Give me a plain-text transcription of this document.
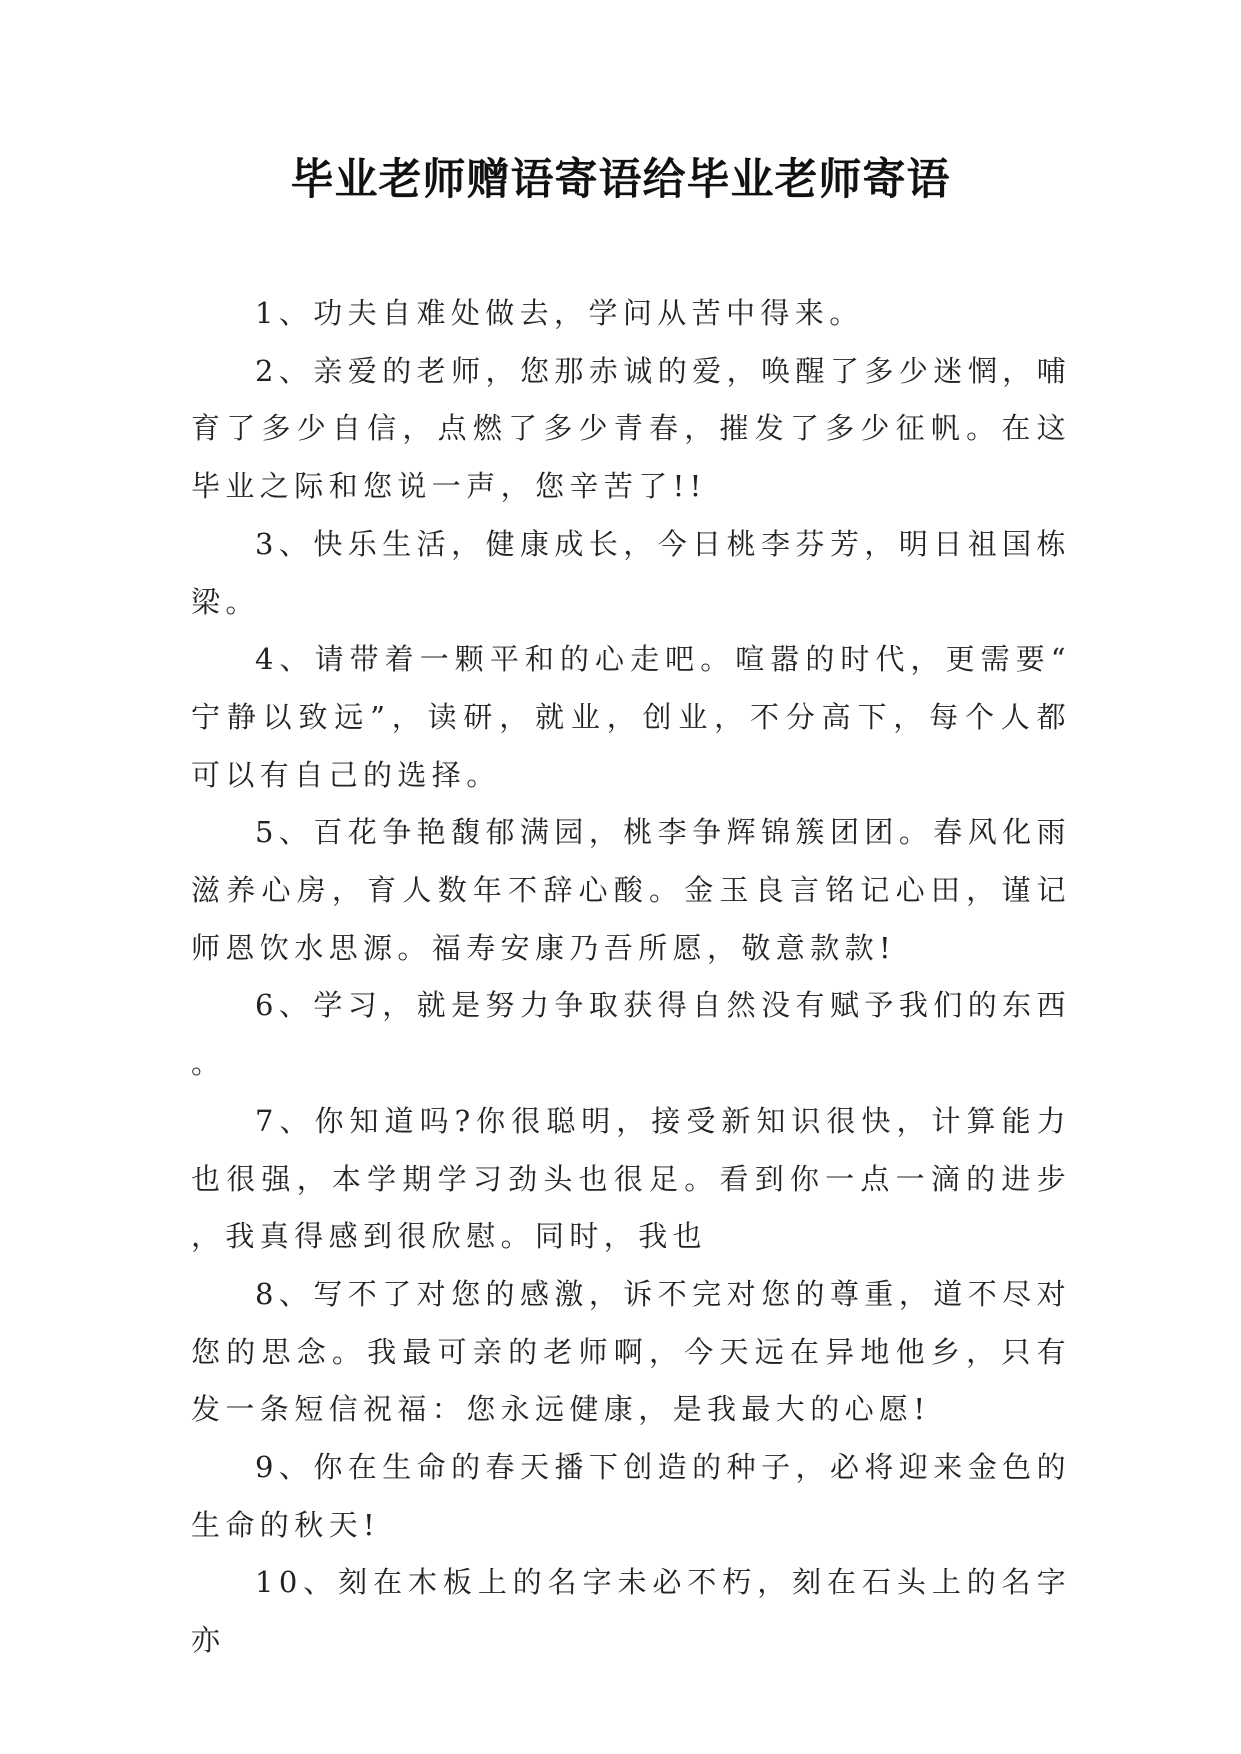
毕业老师赠语寄语给毕业老师寄语

1、功夫自难处做去，学问从苦中得来。

2、亲爱的老师，您那赤诚的爱，唤醒了多少迷惘，哺育了多少自信，点燃了多少青春，摧发了多少征帆。在这毕业之际和您说一声，您辛苦了!!

3、快乐生活，健康成长，今日桃李芬芳，明日祖国栋梁。

4、请带着一颗平和的心走吧。喧嚣的时代，更需要“宁静以致远”，读研，就业，创业，不分高下，每个人都可以有自己的选择。

5、百花争艳馥郁满园，桃李争辉锦簇团团。春风化雨滋养心房，育人数年不辞心酸。金玉良言铭记心田，谨记师恩饮水思源。福寿安康乃吾所愿，敬意款款!

6、学习，就是努力争取获得自然没有赋予我们的东西。

7、你知道吗?你很聪明，接受新知识很快，计算能力也很强，本学期学习劲头也很足。看到你一点一滴的进步，我真得感到很欣慰。同时，我也

8、写不了对您的感激，诉不完对您的尊重，道不尽对您的思念。我最可亲的老师啊，今天远在异地他乡，只有发一条短信祝福：您永远健康，是我最大的心愿!

9、你在生命的春天播下创造的种子，必将迎来金色的生命的秋天!

10、刻在木板上的名字未必不朽，刻在石头上的名字亦
